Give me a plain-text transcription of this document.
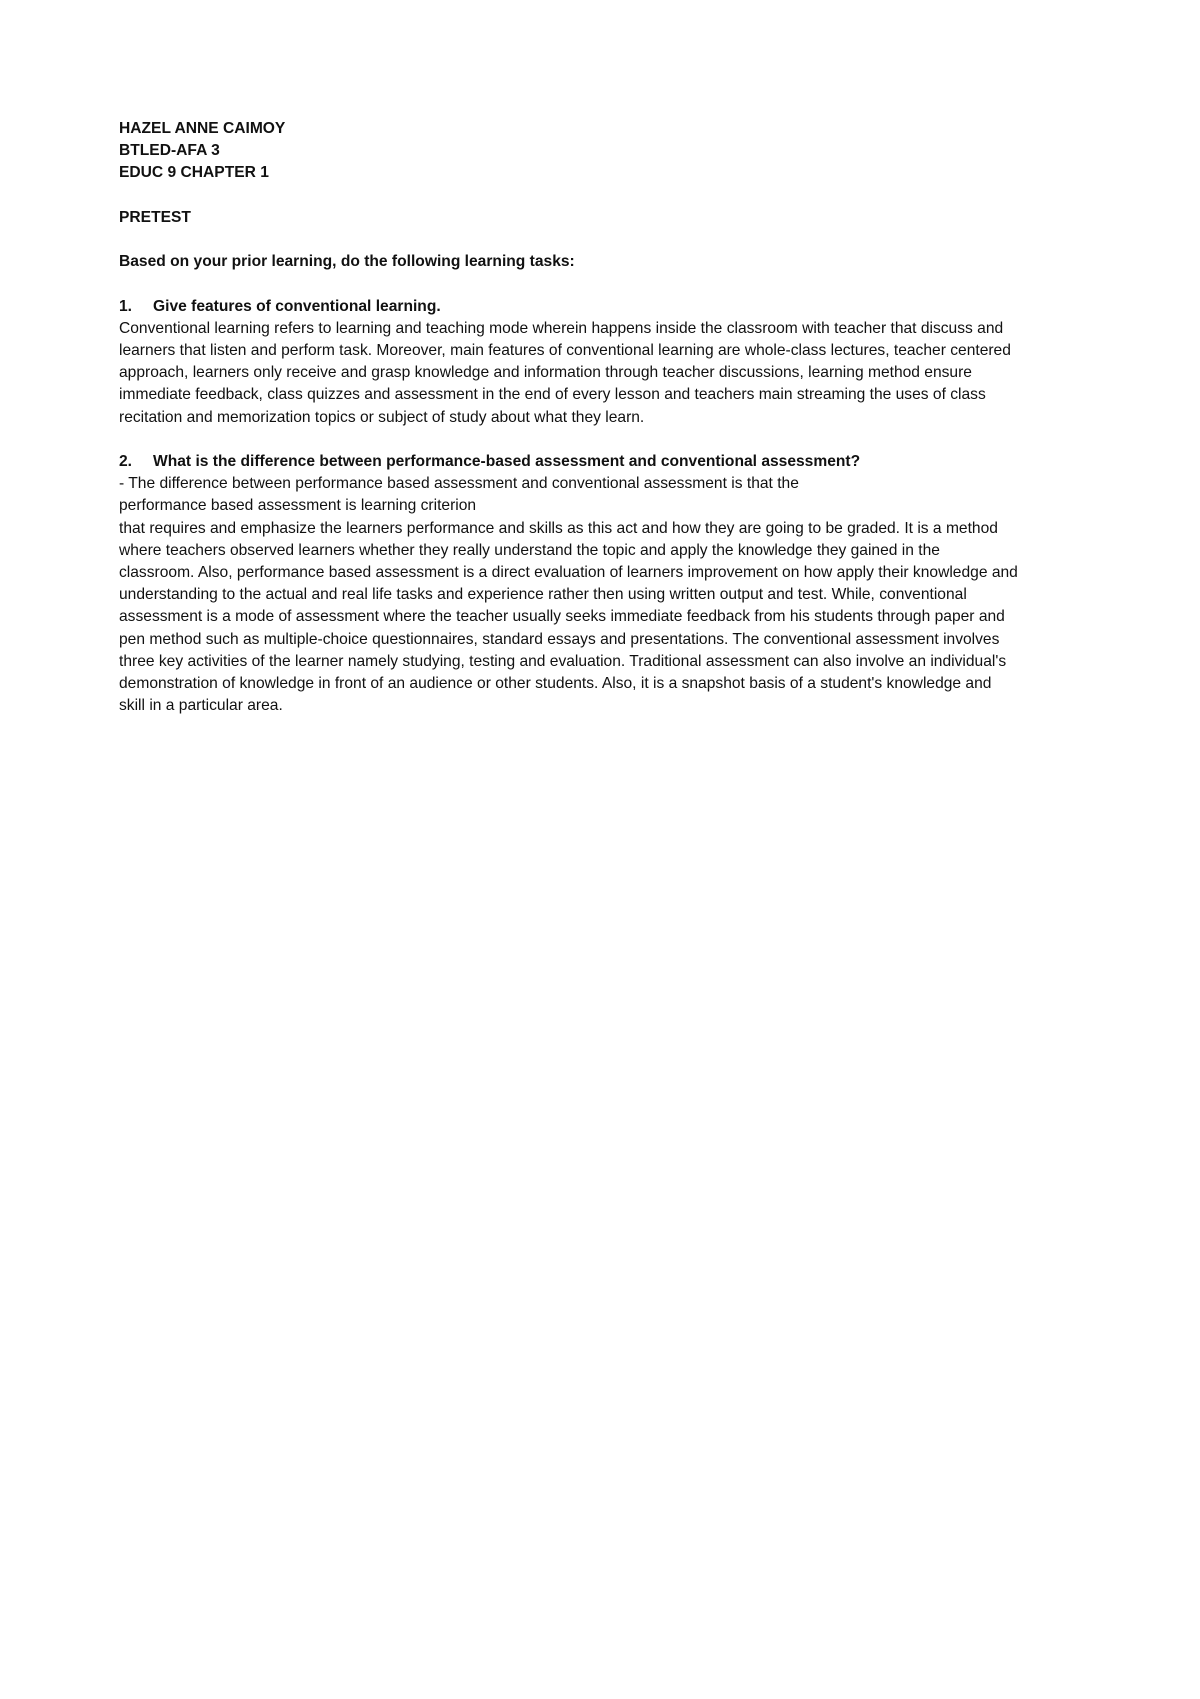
HAZEL ANNE CAIMOY
BTLED-AFA 3
EDUC 9 CHAPTER 1
PRETEST
Based on your prior learning, do the following learning tasks:
1. Give features of conventional learning.
Conventional learning refers to learning and teaching mode wherein happens inside the classroom with teacher that discuss and
learners that listen and perform task. Moreover, main features of conventional learning are whole-class lectures, teacher centered
approach, learners only receive and grasp knowledge and information through teacher discussions, learning method ensure
immediate feedback, class quizzes and assessment in the end of every lesson and teachers main streaming the uses of class
recitation and memorization topics or subject of study about what they learn.
2. What is the difference between performance-based assessment and conventional assessment?
- The difference between performance based assessment and conventional assessment is that the
performance based assessment is learning criterion
that requires and emphasize the learners performance and skills as this act and how they are going to be graded. It is a method
where teachers observed learners whether they really understand the topic and apply the knowledge they gained in the
classroom. Also, performance based assessment is a direct evaluation of learners improvement on how apply their knowledge and
understanding to the actual and real life tasks and experience rather then using written output and test. While, conventional
assessment is a mode of assessment where the teacher usually seeks immediate feedback from his students through paper and
pen method such as multiple-choice questionnaires, standard essays and presentations. The conventional assessment involves
three key activities of the learner namely studying, testing and evaluation. Traditional assessment can also involve an individual's
demonstration of knowledge in front of an audience or other students. Also, it is a snapshot basis of a student's knowledge and
skill in a particular area.
